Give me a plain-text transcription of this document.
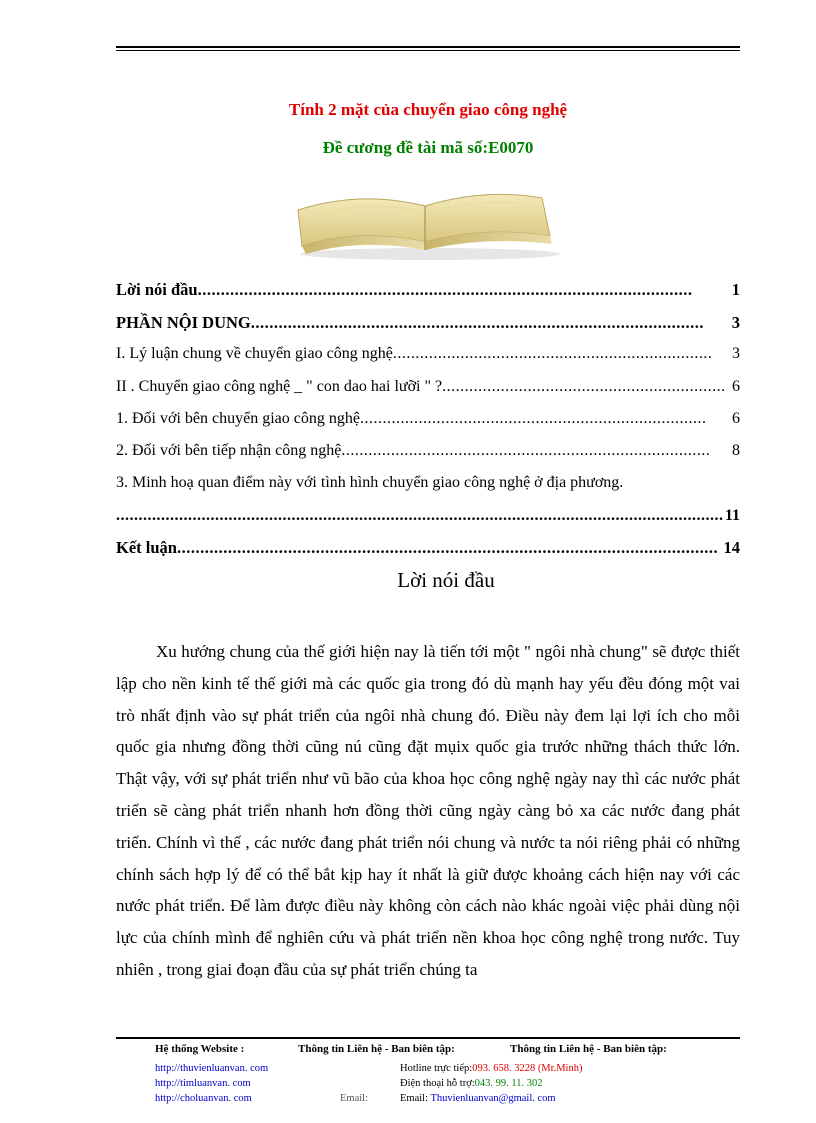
Tính 2 mặt của chuyển giao công nghệ
Đề cương đề tài mã số:E0070
Lời nói đầu ...........................................................................................................	1
PHẦN NỘI DUNG ..................................................................................................	3
I. Lý luận chung về chuyển giao công nghệ .......................................................................	3
II . Chuyển giao công nghệ _ " con dao hai lưỡi " ? ............................................................... 6
1. Đối với bên chuyển giao công nghệ .............................................................................	6
2. Đối với bên tiếp nhận công nghệ ..................................................................................	8
3. Minh hoạ quan điểm này với tình hình chuyển giao công nghệ ở địa phương.
....................................................................................................................................... 11
Kết luận ..................................................................................................................... 14
Lời nói đầu
Xu hướng chung của thế giới hiện nay là tiến tới một " ngôi nhà chung" sẽ được thiết lập cho nền kinh tế thế giới mà các quốc gia trong đó dù mạnh hay yếu đều đóng một vai trò nhất định vào sự phát triển của ngôi nhà chung đó. Điều này đem lại lợi ích cho mỗi quốc gia nhưng đồng thời cũng nú cũng đặt mụix quốc gia trước những thách thức lớn. Thật vậy, với sự phát triển như vũ bão của khoa học công nghệ ngày nay thì các nước phát triển sẽ càng phát triển nhanh hơn đồng thời cũng ngày càng bỏ xa các nước đang phát triển. Chính vì thế , các nước đang phát triển nói chung và nước ta nói riêng phải có những chính sách hợp lý để có thể bắt kịp hay ít nhất là giữ được khoảng cách hiện nay với các nước phát triển. Để làm được điều này không còn cách nào khác ngoài việc phải dùng nội lực của chính mình để nghiên cứu và phát triển nền khoa học công nghệ trong nước. Tuy nhiên , trong giai đoạn đầu của sự phát triển chúng ta
Hệ thống Website :	Thông tin Liên hệ - Ban biên tập:	Thông tin Liên hệ - Ban biên tập:
http://thuvienluanvan. com
http://timluanvan. com
http://choluanvan. com	Email:
Hotline trực tiếp:093. 658. 3228 (Mr.Minh)
Điện thoại hỗ trợ:043. 99. 11. 302
Email: Thuvienluanvan@gmail. com
